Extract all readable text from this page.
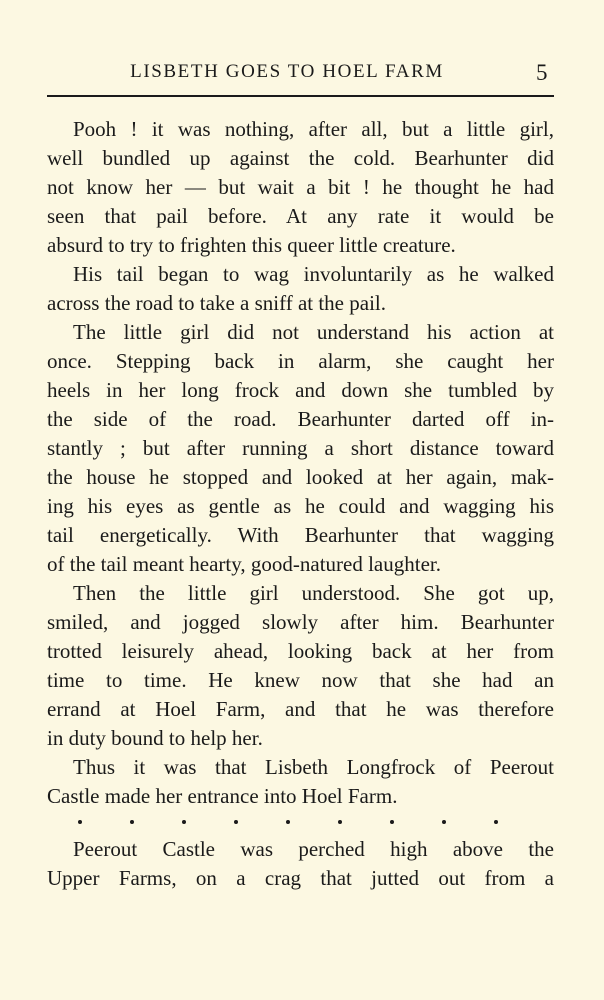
LISBETH GOES TO HOEL FARM	5
Pooh ! it was nothing, after all, but a little girl,
well bundled up against the cold. Bearhunter did
not know her — but wait a bit ! he thought he had
seen that pail before. At any rate it would be
absurd to try to frighten this queer little creature.
His tail began to wag involuntarily as he walked
across the road to take a sniff at the pail.
The little girl did not understand his action at
once. Stepping back in alarm, she caught her
heels in her long frock and down she tumbled by
the side of the road. Bearhunter darted off in-
stantly ; but after running a short distance toward
the house he stopped and looked at her again, mak-
ing his eyes as gentle as he could and wagging his
tail energetically. With Bearhunter that wagging
of the tail meant hearty, good-natured laughter.
Then the little girl understood. She got up,
smiled, and jogged slowly after him. Bearhunter
trotted leisurely ahead, looking back at her from
time to time. He knew now that she had an
errand at Hoel Farm, and that he was therefore
in duty bound to help her.
Thus it was that Lisbeth Longfrock of Peerout
Castle made her entrance into Hoel Farm.
Peerout Castle was perched high above the
Upper Farms, on a crag that jutted out from a
